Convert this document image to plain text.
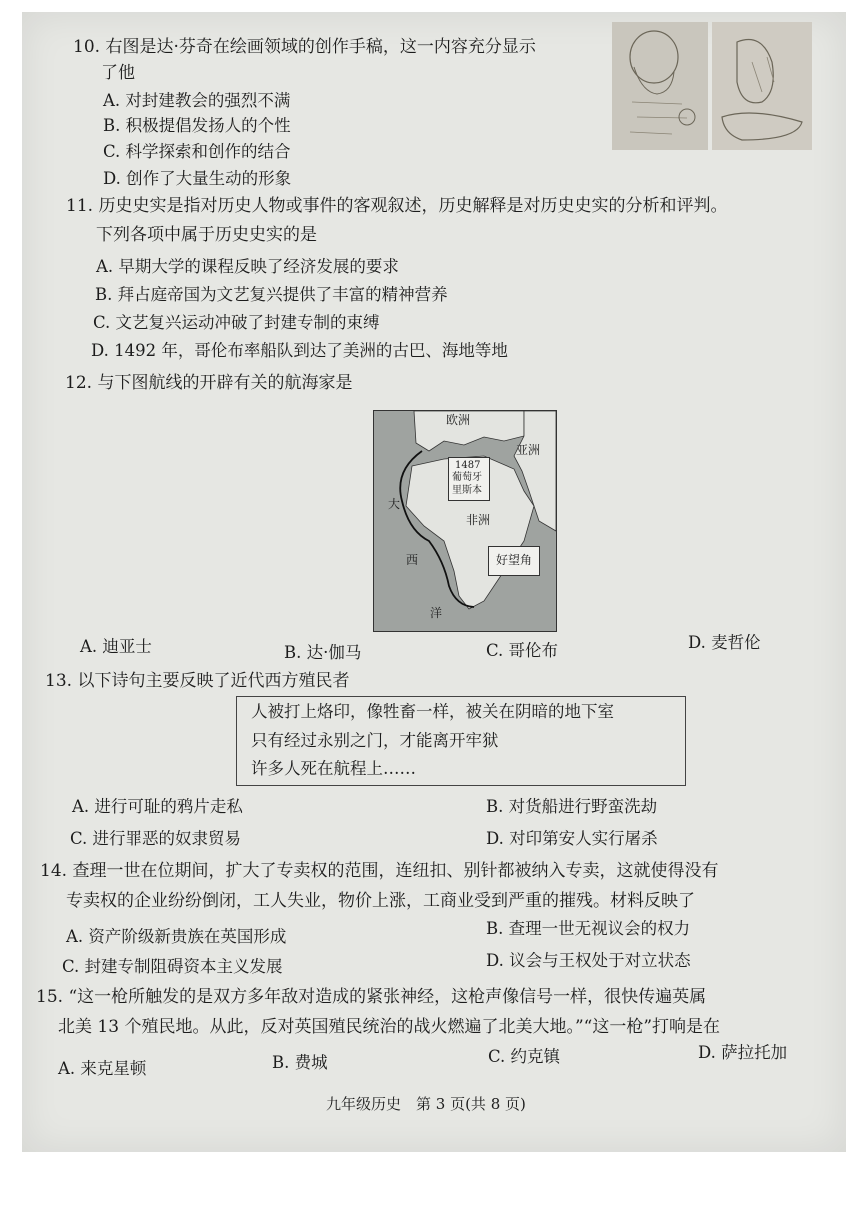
10. 右图是达·芬奇在绘画领域的创作手稿，这一内容充分显示
了他
A. 对封建教会的强烈不满
B. 积极提倡发扬人的个性
C. 科学探索和创作的结合
D. 创作了大量生动的形象
11. 历史史实是指对历史人物或事件的客观叙述，历史解释是对历史史实的分析和评判。
下列各项中属于历史史实的是
A. 早期大学的课程反映了经济发展的要求
B. 拜占庭帝国为文艺复兴提供了丰富的精神营养
C. 文艺复兴运动冲破了封建专制的束缚
D. 1492 年，哥伦布率船队到达了美洲的古巴、海地等地
12. 与下图航线的开辟有关的航海家是
欧洲
亚洲
1487
葡萄牙
里斯本
非洲
好望角
大
西
洋
A. 迪亚士	B. 达·伽马	C. 哥伦布	D. 麦哲伦
13. 以下诗句主要反映了近代西方殖民者
人被打上烙印，像牲畜一样，被关在阴暗的地下室
只有经过永别之门，才能离开牢狱
许多人死在航程上……
A. 进行可耻的鸦片走私	B. 对货船进行野蛮洗劫
C. 进行罪恶的奴隶贸易	D. 对印第安人实行屠杀
14. 查理一世在位期间，扩大了专卖权的范围，连纽扣、别针都被纳入专卖，这就使得没有
专卖权的企业纷纷倒闭，工人失业，物价上涨，工商业受到严重的摧残。材料反映了
A. 资产阶级新贵族在英国形成	B. 查理一世无视议会的权力
C. 封建专制阻碍资本主义发展	D. 议会与王权处于对立状态
15. “这一枪所触发的是双方多年敌对造成的紧张神经，这枪声像信号一样，很快传遍英属
北美 13 个殖民地。从此，反对英国殖民统治的战火燃遍了北美大地。”“这一枪”打响是在
A. 来克星顿	B. 费城	C. 约克镇	D. 萨拉托加
九年级历史　第 3 页(共 8 页)
